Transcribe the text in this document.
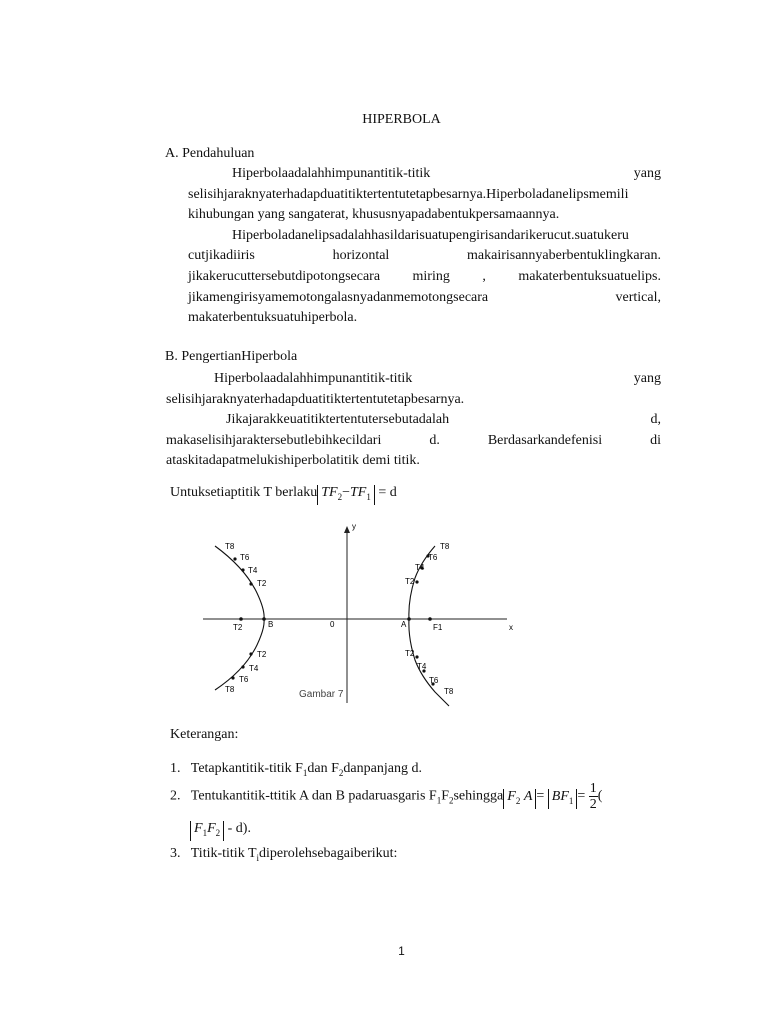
HIPERBOLA
A. Pendahuluan
Hiperbolaadalahhimpunantitik-titik	yang
selisihjaraknyaterhadapduatitiktertentutetapbesarnya.Hiperboladanelipsmemili
kihubungan yang sangaterat, khususnyapadabentukpersamaannya.
Hiperboladanelipsadalahhasildarisuatupengirisandarikerucut.suatukeru
cutjikadiiris horizontal makairisannyaberbentuklingkaran.
jikakerucuttersebutdipotongsecara miring , makaterbentuksuatuelips.
jikamengirisyamemotongalasnyadanmemotongsecara vertical,
makaterbentuksuatuhiperbola.
B. PengertianHiperbola
Hiperbolaadalahhimpunantitik-titik	yang
selisihjaraknyaterhadapduatitiktertentutetapbesarnya.
Jikajarakkeuatitiktertentutersebutadalah	d,
makaselisihjaraktersebutlebihkecildari d. Berdasarkandefenisi di
ataskitadapatmelukishiperbolatitik demi titik.
Untuksetiaptitik T berlaku $TF_2-TF_1 = d$
y
x
0	A
B	F1
T2
T8
T6
T4
T2
T2
T4
T6
T8
T8
T6
T4
T2
T2
T4
T6
T8
Gambar 7
Keterangan:
1. Tetapkantitik-titik $F_1dan$ $F_2danpanjang$ d.
2. Tentukantitik-ttitik A dan B padaruasgaris $F_1F_2sehingga$ $F_2$ $A = BF_1 = \frac{1}{2}$ (
$F_1F_2 - d$).
3. Titik-titik $T_idiperolehsebagaiberikut$:
1
